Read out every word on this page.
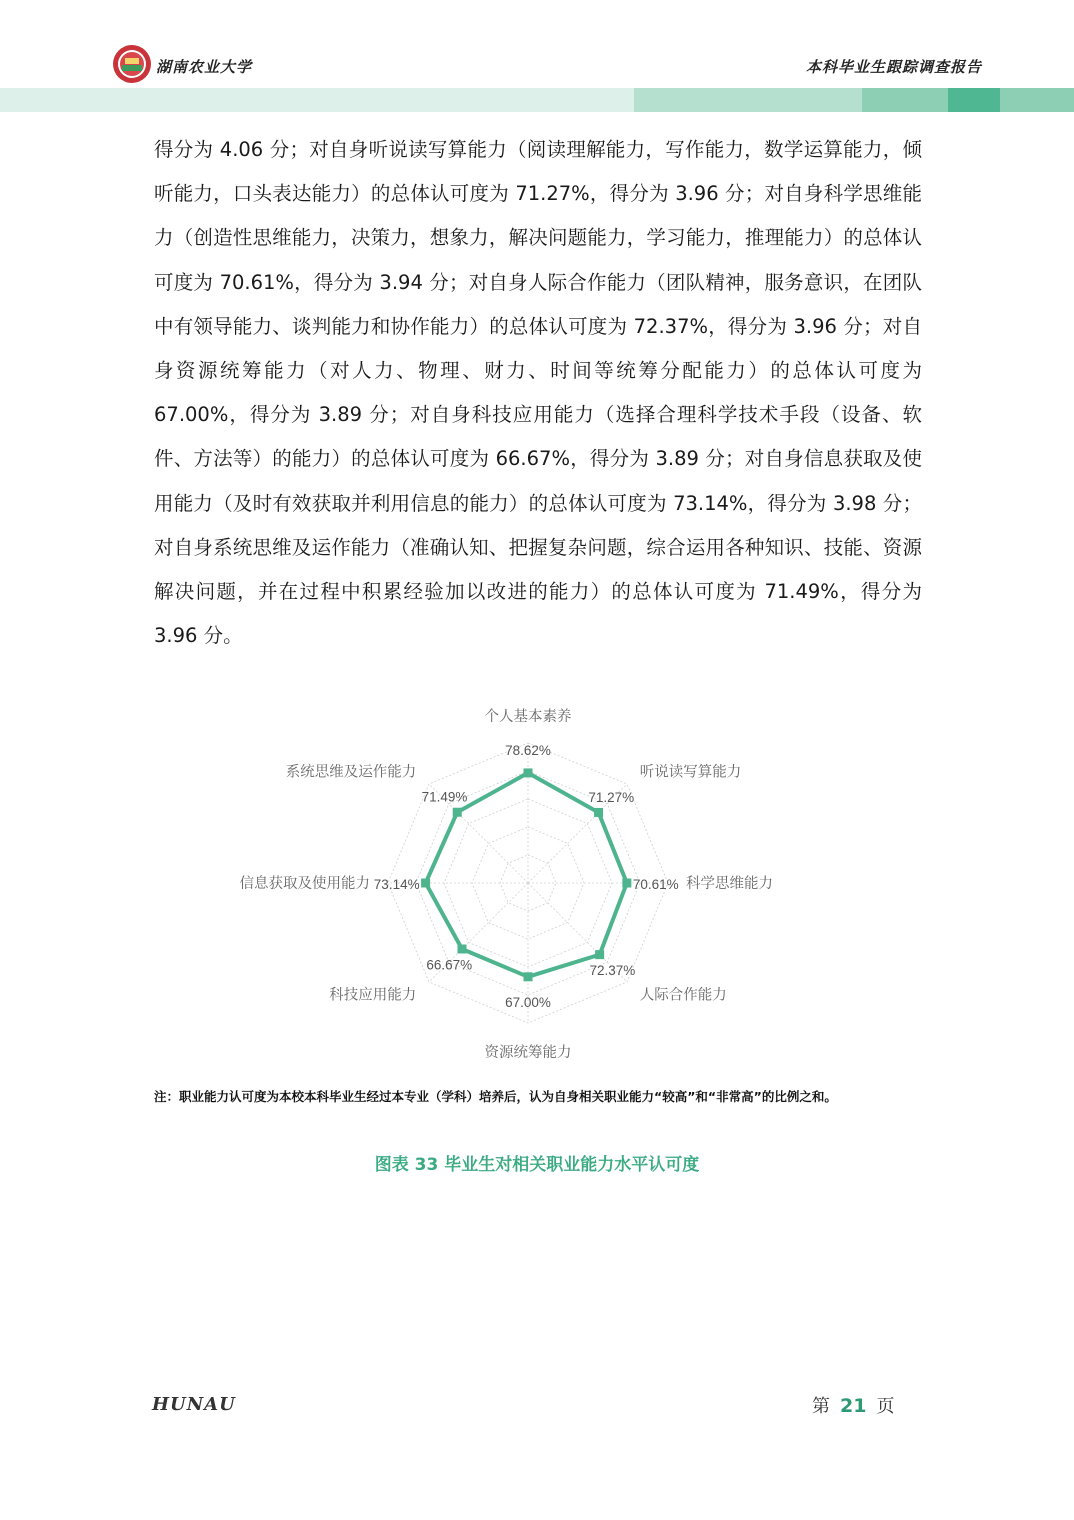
湖南农业大学	本科毕业生跟踪调查报告

得分为 4.06 分；对自身听说读写算能力（阅读理解能力，写作能力，数学运算能力，倾听能力，口头表达能力）的总体认可度为 71.27%，得分为 3.96 分；对自身科学思维能力（创造性思维能力，决策力，想象力，解决问题能力，学习能力，推理能力）的总体认可度为 70.61%，得分为 3.94 分；对自身人际合作能力（团队精神，服务意识，在团队中有领导能力、谈判能力和协作能力）的总体认可度为 72.37%，得分为 3.96 分；对自身资源统筹能力（对人力、物理、财力、时间等统筹分配能力）的总体认可度为 67.00%，得分为 3.89 分；对自身科技应用能力（选择合理科学技术手段（设备、软件、方法等）的能力）的总体认可度为 66.67%，得分为 3.89 分；对自身信息获取及使用能力（及时有效获取并利用信息的能力）的总体认可度为 73.14%，得分为 3.98 分；对自身系统思维及运作能力（准确认知、把握复杂问题，综合运用各种知识、技能、资源解决问题，并在过程中积累经验加以改进的能力）的总体认可度为 71.49%，得分为 3.96 分。

78.62%
71.27%
70.61%
72.37%
67.00%
66.67%
73.14%
71.49%
个人基本素养
听说读写算能力
科学思维能力
人际合作能力
资源统筹能力
科技应用能力
信息获取及使用能力
系统思维及运作能力

注：职业能力认可度为本校本科毕业生经过本专业（学科）培养后，认为自身相关职业能力“较高”和“非常高”的比例之和。

图表 33 毕业生对相关职业能力水平认可度
HUNAU	第 21 页
